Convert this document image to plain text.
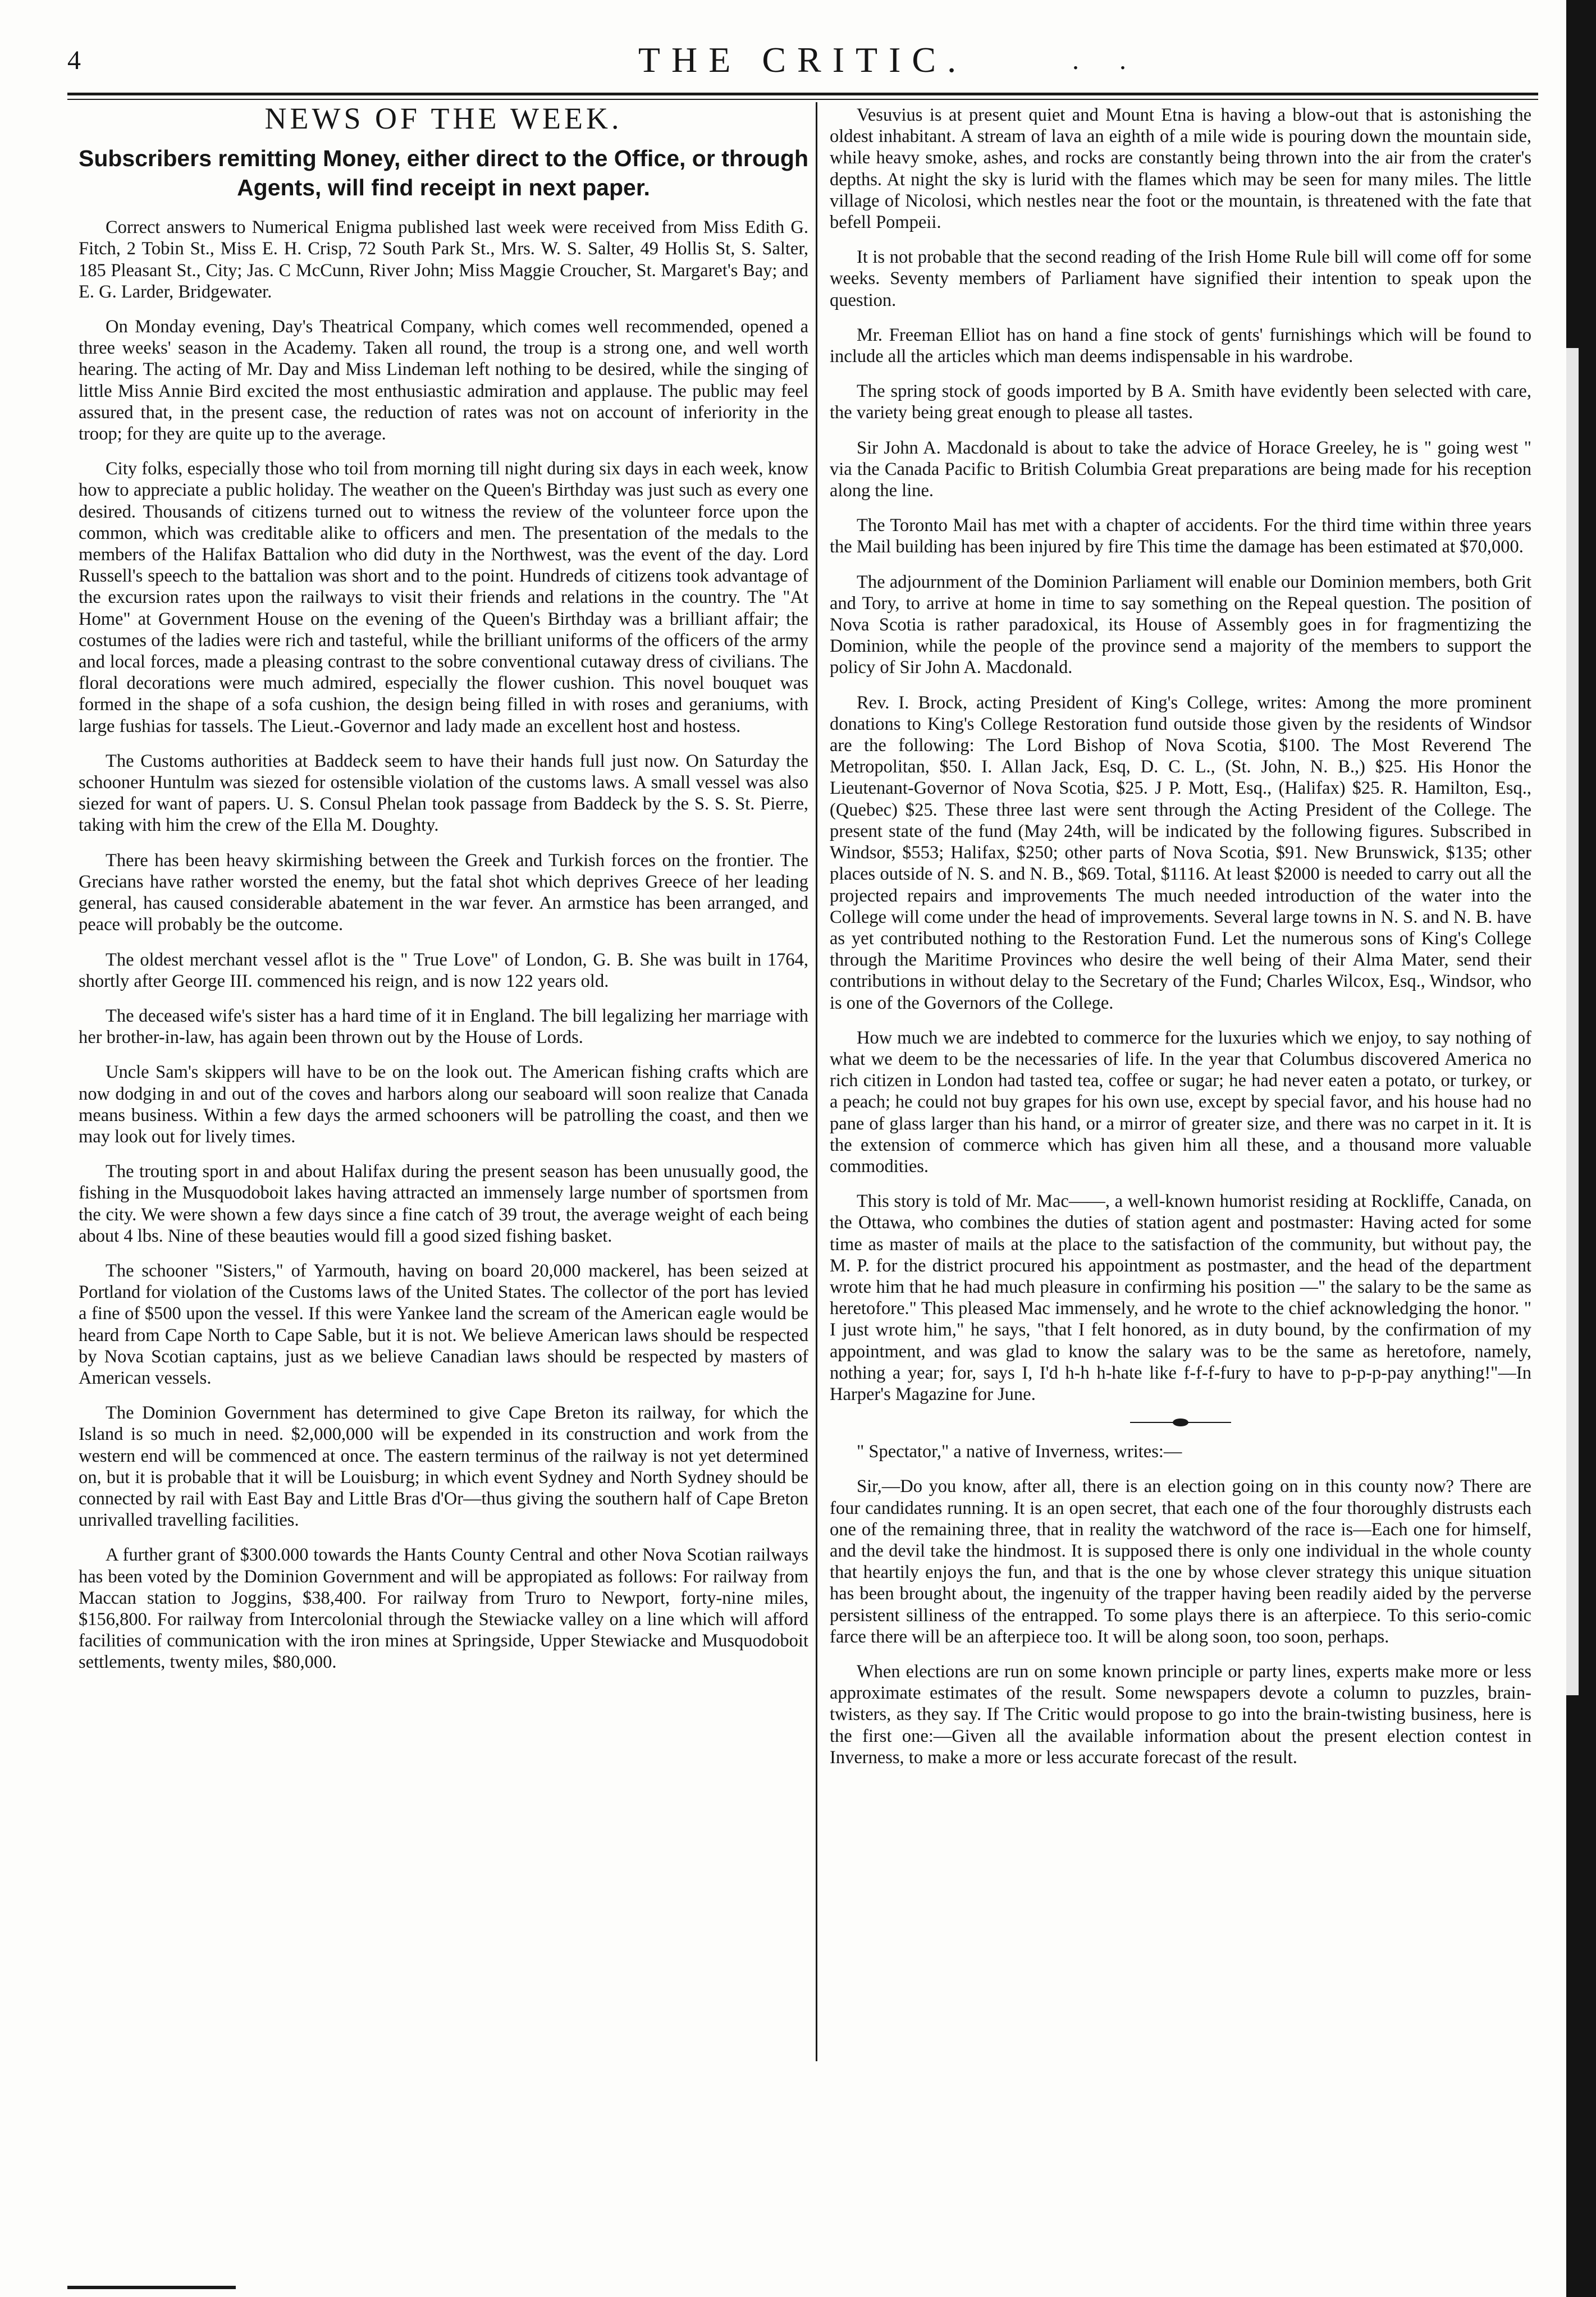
4	THE CRITIC.	. .
NEWS OF THE WEEK.
Subscribers remitting Money, either direct to the Office, or through Agents, will find receipt in next paper.

Correct answers to Numerical Enigma published last week were received from Miss Edith G. Fitch, 2 Tobin St., Miss E. H. Crisp, 72 South Park St., Mrs. W. S. Salter, 49 Hollis St, S. Salter, 185 Pleasant St., City; Jas. C McCunn, River John; Miss Maggie Croucher, St. Margaret's Bay; and E. G. Larder, Bridgewater.

On Monday evening, Day's Theatrical Company, which comes well recommended, opened a three weeks' season in the Academy. Taken all round, the troup is a strong one, and well worth hearing. The acting of Mr. Day and Miss Lindeman left nothing to be desired, while the singing of little Miss Annie Bird excited the most enthusiastic admiration and applause. The public may feel assured that, in the present case, the reduction of rates was not on account of inferiority in the troop; for they are quite up to the average.

City folks, especially those who toil from morning till night during six days in each week, know how to appreciate a public holiday. The weather on the Queen's Birthday was just such as every one desired. Thousands of citizens turned out to witness the review of the volunteer force upon the common, which was creditable alike to officers and men. The presentation of the medals to the members of the Halifax Battalion who did duty in the Northwest, was the event of the day. Lord Russell's speech to the battalion was short and to the point. Hundreds of citizens took advantage of the excursion rates upon the railways to visit their friends and relations in the country. The "At Home" at Government House on the evening of the Queen's Birthday was a brilliant affair; the costumes of the ladies were rich and tasteful, while the brilliant uniforms of the officers of the army and local forces, made a pleasing contrast to the sobre conventional cutaway dress of civilians. The floral decorations were much admired, especially the flower cushion. This novel bouquet was formed in the shape of a sofa cushion, the design being filled in with roses and geraniums, with large fushias for tassels. The Lieut.-Governor and lady made an excellent host and hostess.

The Customs authorities at Baddeck seem to have their hands full just now. On Saturday the schooner Huntulm was siezed for ostensible violation of the customs laws. A small vessel was also siezed for want of papers. U. S. Consul Phelan took passage from Baddeck by the S. S. St. Pierre, taking with him the crew of the Ella M. Doughty.

There has been heavy skirmishing between the Greek and Turkish forces on the frontier. The Grecians have rather worsted the enemy, but the fatal shot which deprives Greece of her leading general, has caused considerable abatement in the war fever. An armstice has been arranged, and peace will probably be the outcome.

The oldest merchant vessel aflot is the " True Love" of London, G. B. She was built in 1764, shortly after George III. commenced his reign, and is now 122 years old.

The deceased wife's sister has a hard time of it in England. The bill legalizing her marriage with her brother-in-law, has again been thrown out by the House of Lords.

Uncle Sam's skippers will have to be on the look out. The American fishing crafts which are now dodging in and out of the coves and harbors along our seaboard will soon realize that Canada means business. Within a few days the armed schooners will be patrolling the coast, and then we may look out for lively times.

The trouting sport in and about Halifax during the present season has been unusually good, the fishing in the Musquodoboit lakes having attracted an immensely large number of sportsmen from the city. We were shown a few days since a fine catch of 39 trout, the average weight of each being about 4 lbs. Nine of these beauties would fill a good sized fishing basket.

The schooner "Sisters," of Yarmouth, having on board 20,000 mackerel, has been seized at Portland for violation of the Customs laws of the United States. The collector of the port has levied a fine of $500 upon the vessel. If this were Yankee land the scream of the American eagle would be heard from Cape North to Cape Sable, but it is not. We believe American laws should be respected by Nova Scotian captains, just as we believe Canadian laws should be respected by masters of American vessels.

The Dominion Government has determined to give Cape Breton its railway, for which the Island is so much in need. $2,000,000 will be expended in its construction and work from the western end will be commenced at once. The eastern terminus of the railway is not yet determined on, but it is probable that it will be Louisburg; in which event Sydney and North Sydney should be connected by rail with East Bay and Little Bras d'Or—thus giving the southern half of Cape Breton unrivalled travelling facilities.

A further grant of $300.000 towards the Hants County Central and other Nova Scotian railways has been voted by the Dominion Government and will be appropiated as follows: For railway from Maccan station to Joggins, $38,400. For railway from Truro to Newport, forty-nine miles, $156,800. For railway from Intercolonial through the Stewiacke valley on a line which will afford facilities of communication with the iron mines at Springside, Upper Stewiacke and Musquodoboit settlements, twenty miles, $80,000.

Vesuvius is at present quiet and Mount Etna is having a blow-out that is astonishing the oldest inhabitant. A stream of lava an eighth of a mile wide is pouring down the mountain side, while heavy smoke, ashes, and rocks are constantly being thrown into the air from the crater's depths. At night the sky is lurid with the flames which may be seen for many miles. The little village of Nicolosi, which nestles near the foot or the mountain, is threatened with the fate that befell Pompeii.

It is not probable that the second reading of the Irish Home Rule bill will come off for some weeks. Seventy members of Parliament have signified their intention to speak upon the question.

Mr. Freeman Elliot has on hand a fine stock of gents' furnishings which will be found to include all the articles which man deems indispensable in his wardrobe.

The spring stock of goods imported by B A. Smith have evidently been selected with care, the variety being great enough to please all tastes.

Sir John A. Macdonald is about to take the advice of Horace Greeley, he is " going west " via the Canada Pacific to British Columbia Great preparations are being made for his reception along the line.

The Toronto Mail has met with a chapter of accidents. For the third time within three years the Mail building has been injured by fire This time the damage has been estimated at $70,000.

The adjournment of the Dominion Parliament will enable our Dominion members, both Grit and Tory, to arrive at home in time to say something on the Repeal question. The position of Nova Scotia is rather paradoxical, its House of Assembly goes in for fragmentizing the Dominion, while the people of the province send a majority of the members to support the policy of Sir John A. Macdonald.

Rev. I. Brock, acting President of King's College, writes: Among the more prominent donations to King's College Restoration fund outside those given by the residents of Windsor are the following: The Lord Bishop of Nova Scotia, $100. The Most Reverend The Metropolitan, $50. I. Allan Jack, Esq, D. C. L., (St. John, N. B.,) $25. His Honor the Lieutenant-Governor of Nova Scotia, $25. J P. Mott, Esq., (Halifax) $25. R. Hamilton, Esq., (Quebec) $25. These three last were sent through the Acting President of the College. The present state of the fund (May 24th, will be indicated by the following figures. Subscribed in Windsor, $553; Halifax, $250; other parts of Nova Scotia, $91. New Brunswick, $135; other places outside of N. S. and N. B., $69. Total, $1116. At least $2000 is needed to carry out all the projected repairs and improvements The much needed introduction of the water into the College will come under the head of improvements. Several large towns in N. S. and N. B. have as yet contributed nothing to the Restoration Fund. Let the numerous sons of King's College through the Maritime Provinces who desire the well being of their Alma Mater, send their contributions in without delay to the Secretary of the Fund; Charles Wilcox, Esq., Windsor, who is one of the Governors of the College.

How much we are indebted to commerce for the luxuries which we enjoy, to say nothing of what we deem to be the necessaries of life. In the year that Columbus discovered America no rich citizen in London had tasted tea, coffee or sugar; he had never eaten a potato, or turkey, or a peach; he could not buy grapes for his own use, except by special favor, and his house had no pane of glass larger than his hand, or a mirror of greater size, and there was no carpet in it. It is the extension of commerce which has given him all these, and a thousand more valuable commodities.

This story is told of Mr. Mac——, a well-known humorist residing at Rockliffe, Canada, on the Ottawa, who combines the duties of station agent and postmaster: Having acted for some time as master of mails at the place to the satisfaction of the community, but without pay, the M. P. for the district procured his appointment as postmaster, and the head of the department wrote him that he had much pleasure in confirming his position —" the salary to be the same as heretofore." This pleased Mac immensely, and he wrote to the chief acknowledging the honor. " I just wrote him," he says, "that I felt honored, as in duty bound, by the confirmation of my appointment, and was glad to know the salary was to be the same as heretofore, namely, nothing a year; for, says I, I'd h-h h-hate like f-f-f-fury to have to p-p-p-pay anything!"—In Harper's Magazine for June.

" Spectator," a native of Inverness, writes:—

Sir,—Do you know, after all, there is an election going on in this county now? There are four candidates running. It is an open secret, that each one of the four thoroughly distrusts each one of the remaining three, that in reality the watchword of the race is—Each one for himself, and the devil take the hindmost. It is supposed there is only one individual in the whole county that heartily enjoys the fun, and that is the one by whose clever strategy this unique situation has been brought about, the ingenuity of the trapper having been readily aided by the perverse persistent silliness of the entrapped. To some plays there is an afterpiece. To this serio-comic farce there will be an afterpiece too. It will be along soon, too soon, perhaps.

When elections are run on some known principle or party lines, experts make more or less approximate estimates of the result. Some newspapers devote a column to puzzles, brain-twisters, as they say. If The Critic would propose to go into the brain-twisting business, here is the first one:—Given all the available information about the present election contest in Inverness, to make a more or less accurate forecast of the result.
